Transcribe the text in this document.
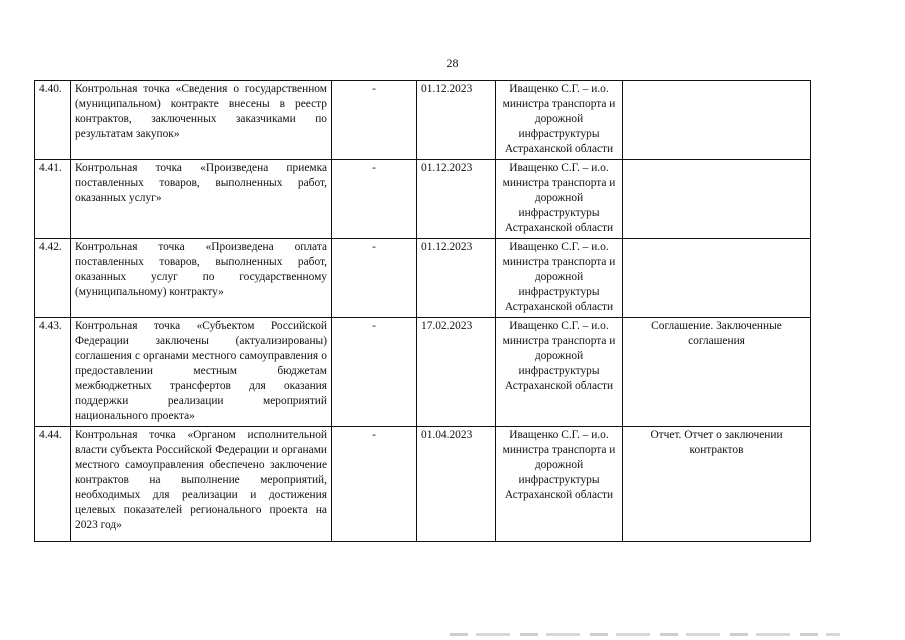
28
4.40.	Контрольная точка «Сведения о государственном (муниципальном) контракте внесены в реестр контрактов, заключенных заказчиками по результатам закупок»	-	01.12.2023	Иващенко С.Г. – и.о. министра транспорта и дорожной инфраструктуры Астраханской области		
4.41.	Контрольная точка «Произведена приемка поставленных товаров, выполненных работ, оказанных услуг»	-	01.12.2023	Иващенко С.Г. – и.о. министра транспорта и дорожной инфраструктуры Астраханской области		
4.42.	Контрольная точка «Произведена оплата поставленных товаров, выполненных работ, оказанных услуг по государственному (муниципальному) контракту»	-	01.12.2023	Иващенко С.Г. – и.о. министра транспорта и дорожной инфраструктуры Астраханской области		
4.43.	Контрольная точка «Субъектом Российской Федерации заключены (актуализированы) соглашения с органами местного самоуправления о предоставлении местным бюджетам межбюджетных трансфертов для оказания поддержки реализации мероприятий национального проекта»	-	17.02.2023	Иващенко С.Г. – и.о. министра транспорта и дорожной инфраструктуры Астраханской области	Соглашение. Заключенные соглашения	
4.44.	Контрольная точка «Органом исполнительной власти субъекта Российской Федерации и органами местного самоуправления обеспечено заключение контрактов на выполнение мероприятий, необходимых для реализации и достижения целевых показателей регионального проекта на 2023 год»	-	01.04.2023	Иващенко С.Г. – и.о. министра транспорта и дорожной инфраструктуры Астраханской области	Отчет. Отчет о заключении контрактов	
